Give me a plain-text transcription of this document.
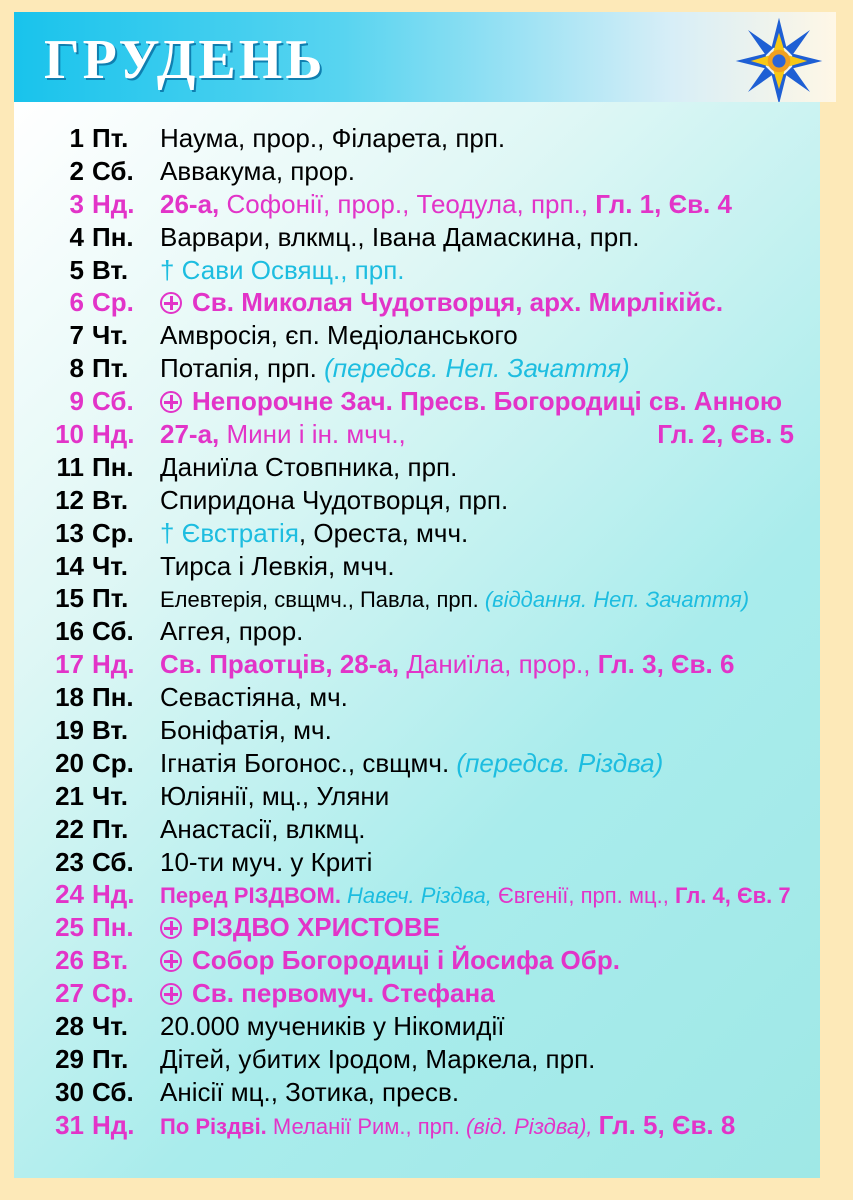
ГРУДЕНЬ
1 Пт. Наума, прор., Філарета, прп.
2 Сб. Аввакума, прор.
3 Нд. 26-а, Софонії, прор., Теодула, прп., Гл. 1, Єв. 4
4 Пн. Варвари, влкмц., Івана Дамаскина, прп.
5 Вт. † Сави Освящ., прп.
6 Ср.	Св. Миколая Чудотворця, арх. Мирлікійс.
7 Чт. Амвросія, єп. Медіоланського
8 Пт. Потапія, прп. (передсв. Неп. Зачаття)
9 Сб.	Непорочне Зач. Пресв. Богородиці св. Анною
10 Нд. 27-а, Мини і ін. мчч.,	Гл. 2, Єв. 5
11 Пн. Даниїла Стовпника, прп.
12 Вт. Спиридона Чудотворця, прп.
13 Ср. † Євстратія, Ореста, мчч.
14 Чт. Тирса і Левкія, мчч.
15 Пт. Елевтерія, свщмч., Павла, прп. (віддання. Неп. Зачаття)
16 Сб. Аггея, прор.
17 Нд. Св. Праотців, 28-а, Даниїла, прор., Гл. 3, Єв. 6
18 Пн. Севастіяна, мч.
19 Вт. Боніфатія, мч.
20 Ср. Ігнатія Богонос., свщмч. (передсв. Різдва)
21 Чт. Юліянії, мц., Уляни
22 Пт. Анастасії, влкмц.
23 Сб. 10-ти муч. у Криті
24 Нд. Перед РІЗДВОМ. Навеч. Різдва, Євгенії, прп. мц., Гл. 4, Єв. 7
25 Пн.	РІЗДВО ХРИСТОВЕ
26 Вт.	Собор Богородиці і Йосифа Обр.
27 Ср.	Св. первомуч. Стефана
28 Чт. 20.000 мучеників у Нікомидії
29 Пт. Дітей, убитих Іродом, Маркела, прп.
30 Сб. Анісії мц., Зотика, пресв.
31 Нд. По Різдві. Меланії Рим., прп. (від. Різдва), Гл. 5, Єв. 8
